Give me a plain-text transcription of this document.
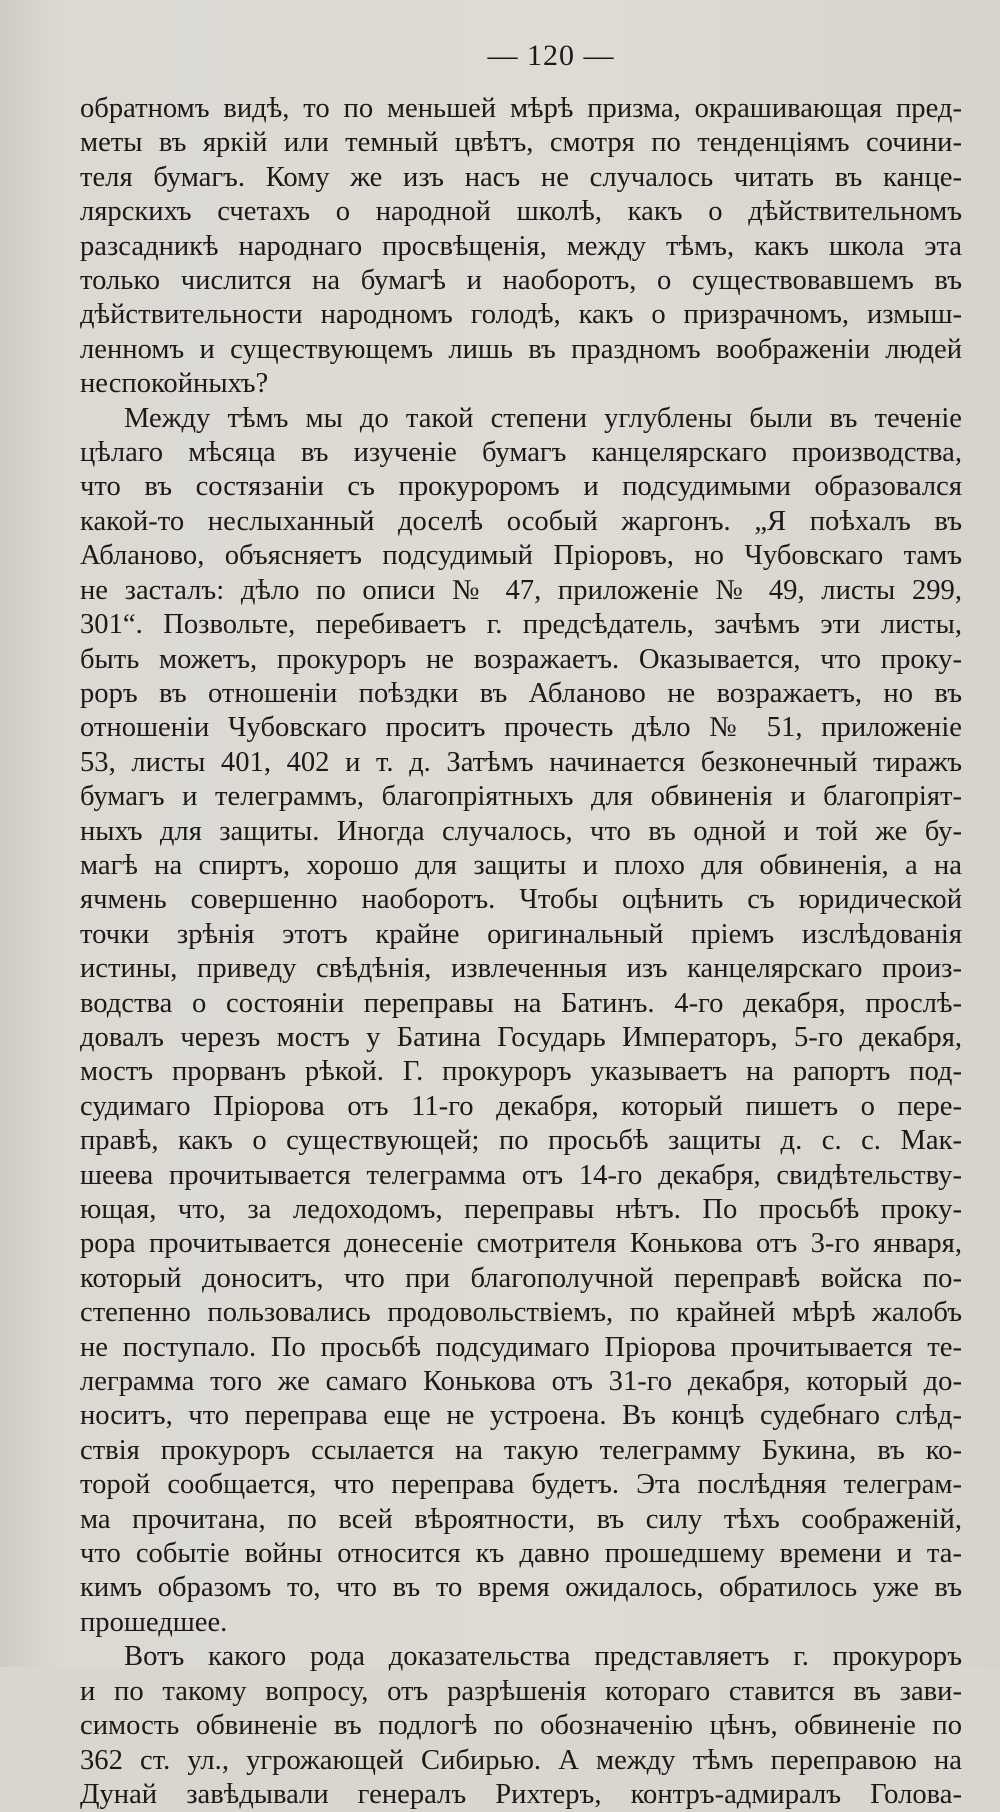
— 120 —
обратномъ видѣ, то по меньшей мѣрѣ призма, окрашивающая пред-
меты въ яркій или темный цвѣтъ, смотря по тенденціямъ сочини-
теля бумагъ. Кому же изъ насъ не случалось читать въ канце-
лярскихъ счетахъ о народной школѣ, какъ о дѣйствительномъ
разсадникѣ народнаго просвѣщенія, между тѣмъ, какъ школа эта
только числится на бумагѣ и наоборотъ, о существовавшемъ въ
дѣйствительности народномъ голодѣ, какъ о призрачномъ, измыш-
ленномъ и существующемъ лишь въ праздномъ воображеніи людей
неспокойныхъ?
Между тѣмъ мы до такой степени углублены были въ теченіе
цѣлаго мѣсяца въ изученіе бумагъ канцелярскаго производства,
что въ состязаніи съ прокуроромъ и подсудимыми образовался
какой-то неслыханный доселѣ особый жаргонъ. „Я поѣхалъ въ
Абланово, объясняетъ подсудимый Пріоровъ, но Чубовскаго тамъ
не засталъ: дѣло по описи № 47, приложеніе № 49, листы 299,
301“. Позвольте, перебиваетъ г. предсѣдатель, зачѣмъ эти листы,
быть можетъ, прокуроръ не возражаетъ. Оказывается, что проку-
роръ въ отношеніи поѣздки въ Абланово не возражаетъ, но въ
отношеніи Чубовскаго проситъ прочесть дѣло № 51, приложеніе
53, листы 401, 402 и т. д. Затѣмъ начинается безконечный тиражъ
бумагъ и телеграммъ, благопріятныхъ для обвиненія и благопріят-
ныхъ для защиты. Иногда случалось, что въ одной и той же бу-
магѣ на спиртъ, хорошо для защиты и плохо для обвиненія, а на
ячмень совершенно наоборотъ. Чтобы оцѣнить съ юридической
точки зрѣнія этотъ крайне оригинальный пріемъ изслѣдованія
истины, приведу свѣдѣнія, извлеченныя изъ канцелярскаго произ-
водства о состояніи переправы на Батинъ. 4-го декабря, прослѣ-
довалъ черезъ мостъ у Батина Государь Императоръ, 5-го декабря,
мостъ прорванъ рѣкой. Г. прокуроръ указываетъ на рапортъ под-
судимаго Пріорова отъ 11-го декабря, который пишетъ о пере-
правѣ, какъ о существующей; по просьбѣ защиты д. с. с. Мак-
шеева прочитывается телеграмма отъ 14-го декабря, свидѣтельству-
ющая, что, за ледоходомъ, переправы нѣтъ. По просьбѣ проку-
рора прочитывается донесеніе смотрителя Конькова отъ 3-го января,
который доноситъ, что при благополучной переправѣ войска по-
степенно пользовались продовольствіемъ, по крайней мѣрѣ жалобъ
не поступало. По просьбѣ подсудимаго Пріорова прочитывается те-
леграмма того же самаго Конькова отъ 31-го декабря, который до-
носитъ, что переправа еще не устроена. Въ концѣ судебнаго слѣд-
ствія прокуроръ ссылается на такую телеграмму Букина, въ ко-
торой сообщается, что переправа будетъ. Эта послѣдняя телеграм-
ма прочитана, по всей вѣроятности, въ силу тѣхъ соображеній,
что событіе войны относится къ давно прошедшему времени и та-
кимъ образомъ то, что въ то время ожидалось, обратилось уже въ
прошедшее.
Вотъ какого рода доказательства представляетъ г. прокуроръ
и по такому вопросу, отъ разрѣшенія котораго ставится въ зави-
симость обвиненіе въ подлогѣ по обозначенію цѣнъ, обвиненіе по
362 ст. ул., угрожающей Сибирью. А между тѣмъ переправою на
Дунай завѣдывали генералъ Рихтеръ, контръ-адмиралъ Голова-
